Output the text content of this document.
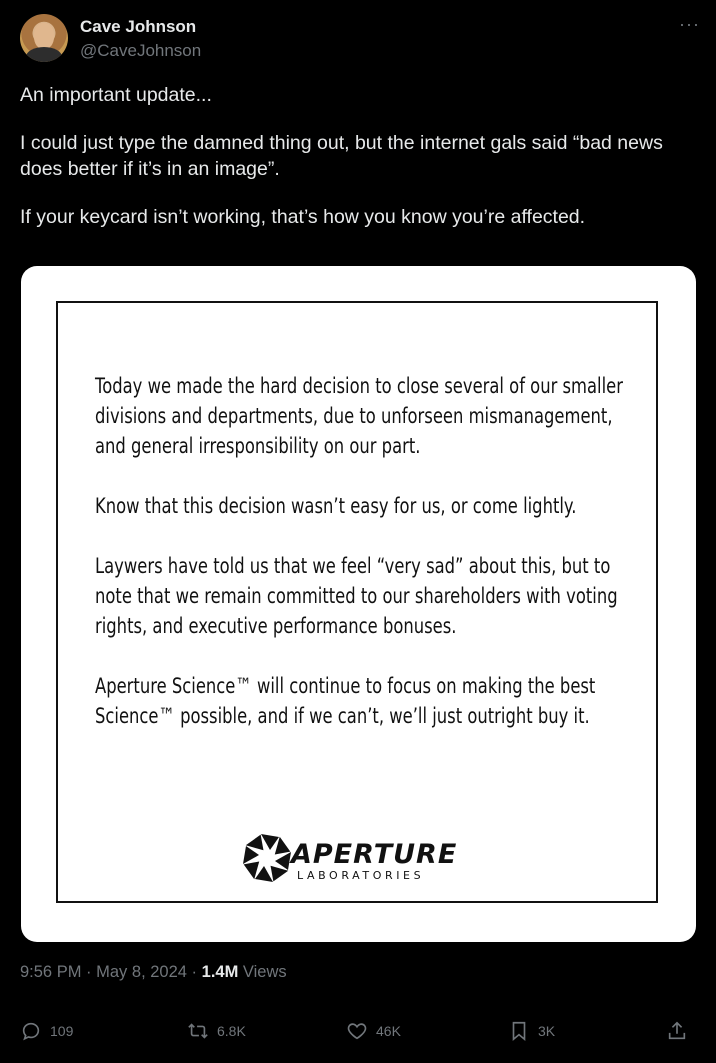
Cave Johnson
@CaveJohnson
···

An important update...

I could just type the damned thing out, but the internet gals said “bad news does better if it’s in an image”.

If your keycard isn’t working, that’s how you know you’re affected.

Today we made the hard decision to close several of our smaller divisions and departments, due to unforseen mismanagement, and general irresponsibility on our part.

Know that this decision wasn’t easy for us, or come lightly.

Laywers have told us that we feel “very sad” about this, but to note that we remain committed to our shareholders with voting rights, and executive performance bonuses.

Aperture Science™ will continue to focus on making the best Science™ possible, and if we can’t, we’ll just outright buy it.

APERTURE
LABORATORIES
9:56 PM · May 8, 2024 · 1.4M Views
109	6.8K	46K	3K
